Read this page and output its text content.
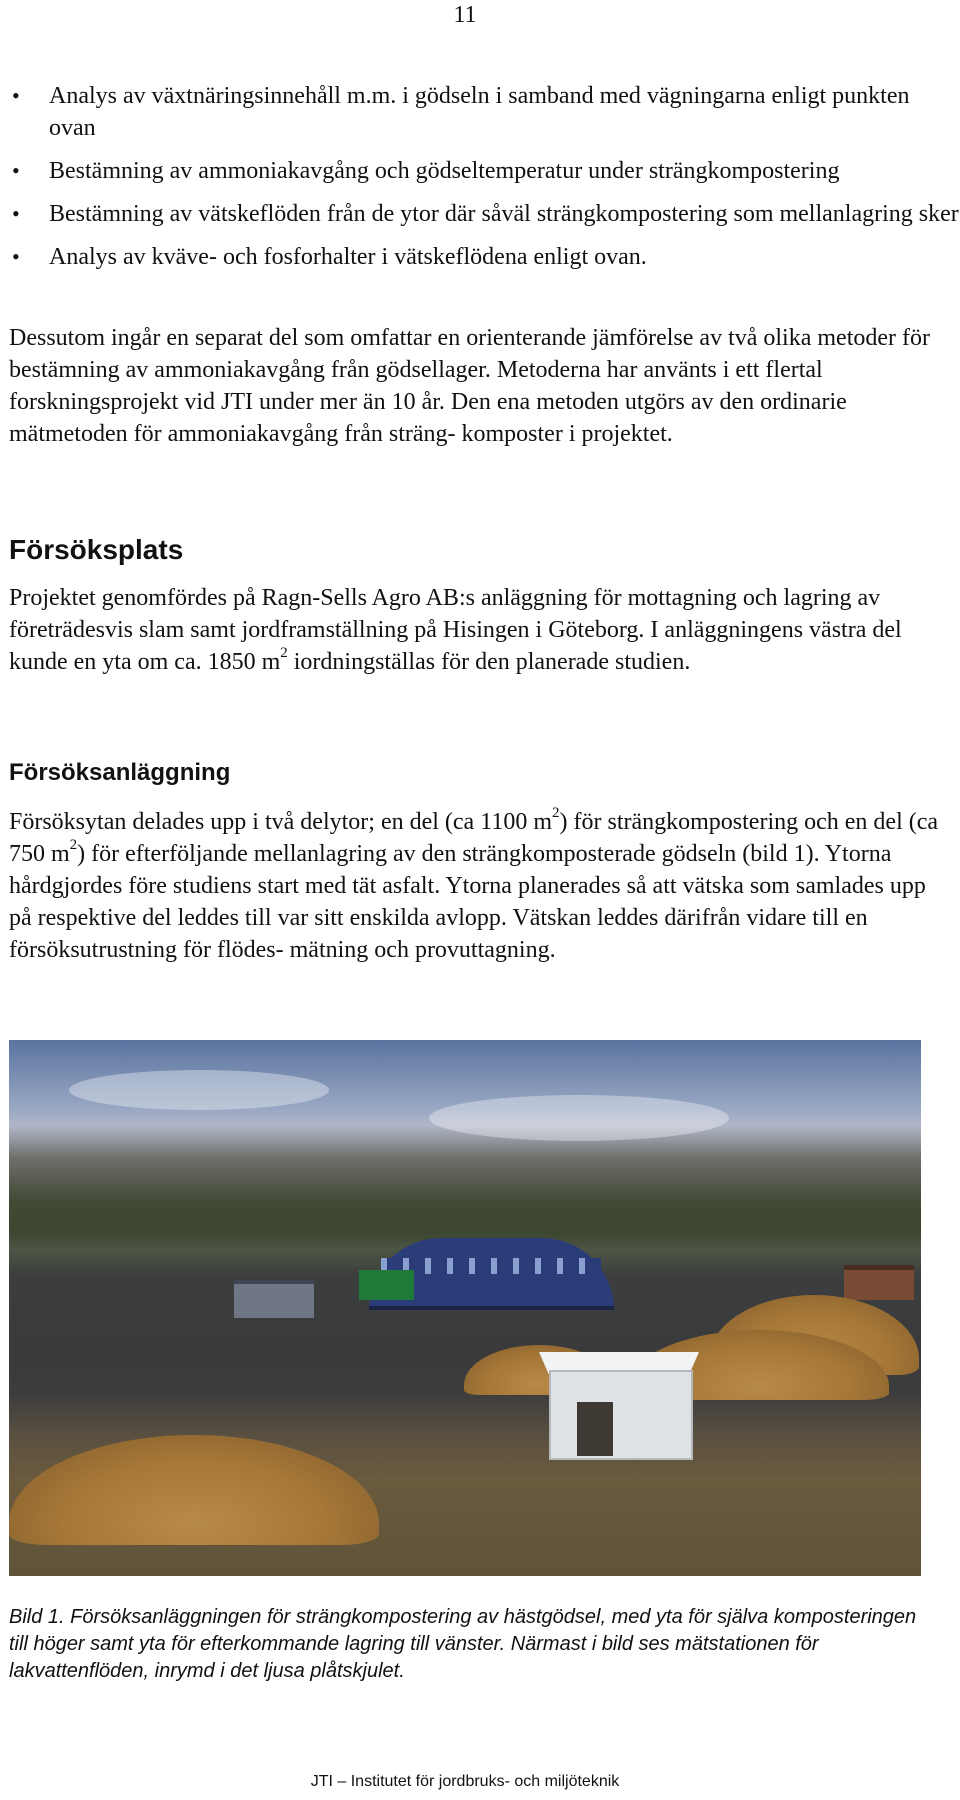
11
• Analys av växtnäringsinnehåll m.m. i gödseln i samband med vägningarna enligt punkten ovan
• Bestämning av ammoniakavgång och gödseltemperatur under strängkompostering
• Bestämning av vätskeflöden från de ytor där såväl strängkompostering som mellanlagring sker
• Analys av kväve- och fosforhalter i vätskeflödena enligt ovan.

Dessutom ingår en separat del som omfattar en orienterande jämförelse av två olika metoder för bestämning av ammoniakavgång från gödsellager. Metoderna har använts i ett flertal forskningsprojekt vid JTI under mer än 10 år. Den ena metoden utgörs av den ordinarie mätmetoden för ammoniakavgång från sträng- komposter i projektet.

Försöksplats

Projektet genomfördes på Ragn-Sells Agro AB:s anläggning för mottagning och lagring av företrädesvis slam samt jordframställning på Hisingen i Göteborg. I anläggningens västra del kunde en yta om ca. 1850 $m^2$ iordningställas för den planerade studien.

Försöksanläggning

Försöksytan delades upp i två delytor; en del (ca 1100 $m^2$) för strängkompostering och en del (ca 750 $m^2$) för efterföljande mellanlagring av den strängkomposterade gödseln (bild 1). Ytorna hårdgjordes före studiens start med tät asfalt. Ytorna planerades så att vätska som samlades upp på respektive del leddes till var sitt enskilda avlopp. Vätskan leddes därifrån vidare till en försöksutrustning för flödes- mätning och provuttagning.

Bild 1. Försöksanläggningen för strängkompostering av hästgödsel, med yta för själva komposteringen till höger samt yta för efterkommande lagring till vänster. Närmast i bild ses mätstationen för lakvattenflöden, inrymd i det ljusa plåtskjulet.

JTI – Institutet för jordbruks- och miljöteknik
